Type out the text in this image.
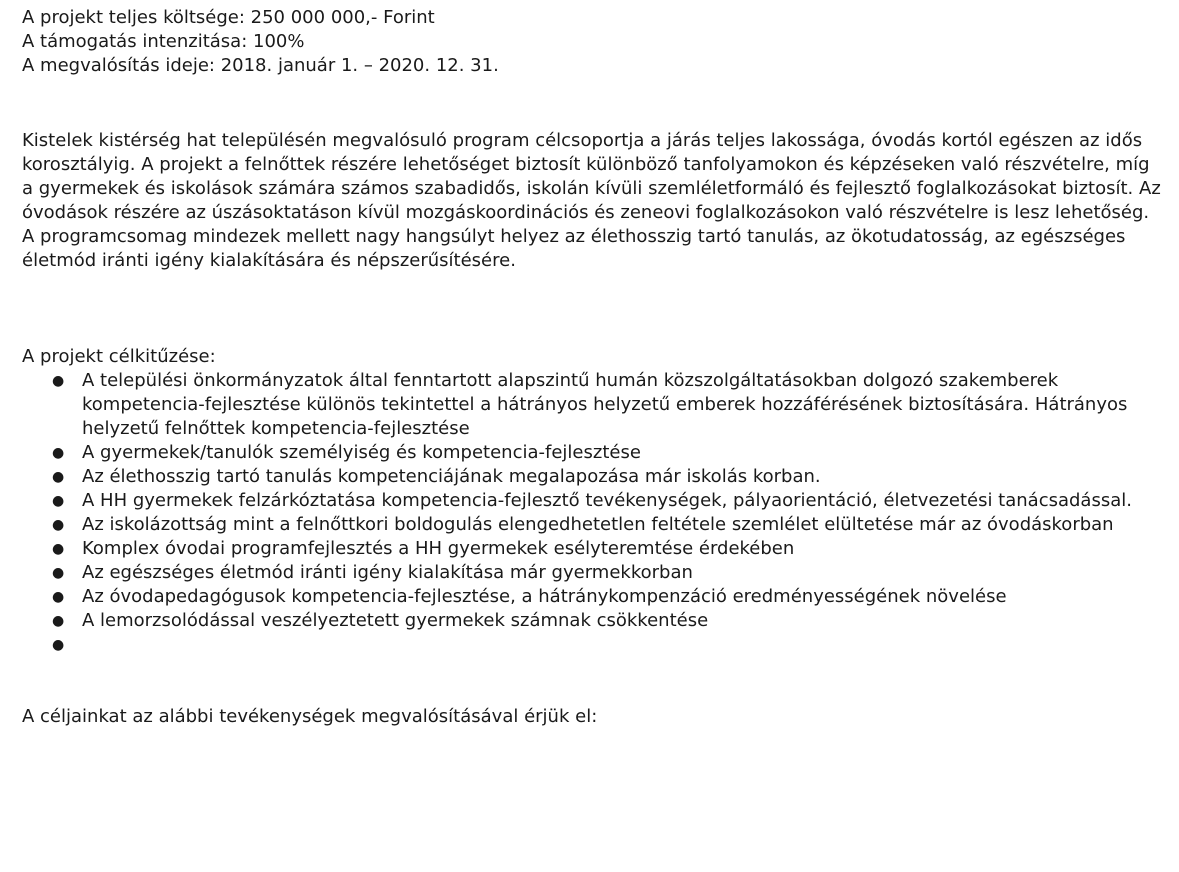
A projekt teljes költsége: 250 000 000,- Forint

A támogatás intenzitása: 100%

A megvalósítás ideje: 2018. január 1. – 2020. 12. 31.

Kistelek kistérség hat településén megvalósuló program célcsoportja a járás teljes lakossága, óvodás kortól egészen az idős korosztályig. A projekt a felnőttek részére lehetőséget biztosít különböző tanfolyamokon és képzéseken való részvételre, míg a gyermekek és iskolások számára számos szabadidős, iskolán kívüli szemléletformáló és fejlesztő foglalkozásokat biztosít. Az óvodások részére az úszásoktatáson kívül mozgáskoordinációs és zeneovi foglalkozásokon való részvételre is lesz lehetőség. A programcsomag mindezek mellett nagy hangsúlyt helyez az élethosszig tartó tanulás, az ökotudatosság, az egészséges életmód iránti igény kialakítására és népszerűsítésére.

A projekt célkitűzése:

● A települési önkormányzatok által fenntartott alapszintű humán közszolgáltatásokban dolgozó szakemberek kompetencia-fejlesztése különös tekintettel a hátrányos helyzetű emberek hozzáférésének biztosítására. Hátrányos helyzetű felnőttek kompetencia-fejlesztése
● A gyermekek/tanulók személyiség és kompetencia-fejlesztése
● Az élethosszig tartó tanulás kompetenciájának megalapozása már iskolás korban.
● A HH gyermekek felzárkóztatása kompetencia-fejlesztő tevékenységek, pályaorientáció, életvezetési tanácsadással.
● Az iskolázottság mint a felnőttkori boldogulás elengedhetetlen feltétele szemlélet elültetése már az óvodáskorban
● Komplex óvodai programfejlesztés a HH gyermekek esélyteremtése érdekében
● Az egészséges életmód iránti igény kialakítása már gyermekkorban
● Az óvodapedagógusok kompetencia-fejlesztése, a hátránykompenzáció eredményességének növelése
● A lemorzsolódással veszélyeztetett gyermekek számnak csökkentése
●

A céljainkat az alábbi tevékenységek megvalósításával érjük el:
